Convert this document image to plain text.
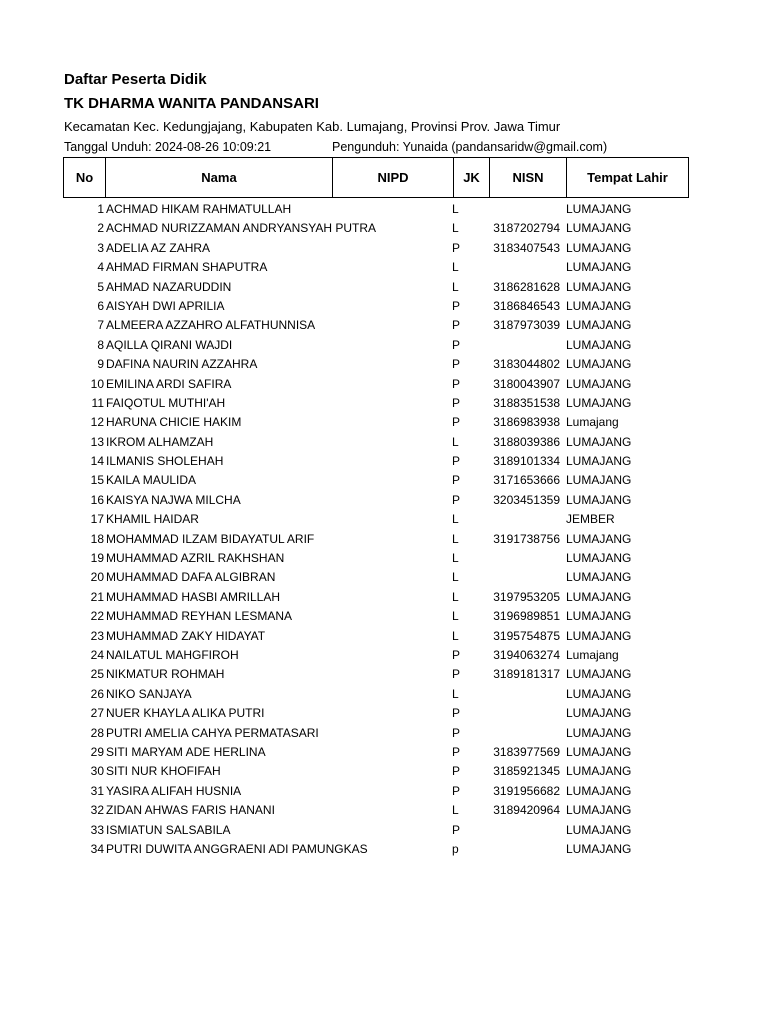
Daftar Peserta Didik
TK DHARMA WANITA PANDANSARI
Kecamatan Kec. Kedungjajang, Kabupaten Kab. Lumajang, Provinsi Prov. Jawa Timur
Tanggal Unduh: 2024-08-26 10:09:21	Pengunduh: Yunaida (pandansaridw@gmail.com)
No	Nama	NIPD	JK	NISN	Tempat Lahir
1 ACHMAD HIKAM RAHMATULLAH	L	LUMAJANG
2 ACHMAD NURIZZAMAN ANDRYANSYAH PUTRA	L	3187202794 LUMAJANG
3 ADELIA AZ ZAHRA	P	3183407543 LUMAJANG
4 AHMAD FIRMAN SHAPUTRA	L	LUMAJANG
5 AHMAD NAZARUDDIN	L	3186281628 LUMAJANG
6 AISYAH DWI APRILIA	P	3186846543 LUMAJANG
7 ALMEERA AZZAHRO ALFATHUNNISA	P	3187973039 LUMAJANG
8 AQILLA QIRANI WAJDI	P	LUMAJANG
9 DAFINA NAURIN AZZAHRA	P	3183044802 LUMAJANG
10 EMILINA ARDI SAFIRA	P	3180043907 LUMAJANG
11 FAIQOTUL MUTHI'AH	P	3188351538 LUMAJANG
12 HARUNA CHICIE HAKIM	P	3186983938 Lumajang
13 IKROM ALHAMZAH	L	3188039386 LUMAJANG
14 ILMANIS SHOLEHAH	P	3189101334 LUMAJANG
15 KAILA MAULIDA	P	3171653666 LUMAJANG
16 KAISYA NAJWA MILCHA	P	3203451359 LUMAJANG
17 KHAMIL HAIDAR	L	JEMBER
18 MOHAMMAD ILZAM BIDAYATUL ARIF	L	3191738756 LUMAJANG
19 MUHAMMAD AZRIL RAKHSHAN	L	LUMAJANG
20 MUHAMMAD DAFA ALGIBRAN	L	LUMAJANG
21 MUHAMMAD HASBI AMRILLAH	L	3197953205 LUMAJANG
22 MUHAMMAD REYHAN LESMANA	L	3196989851 LUMAJANG
23 MUHAMMAD ZAKY HIDAYAT	L	3195754875 LUMAJANG
24 NAILATUL MAHGFIROH	P	3194063274 Lumajang
25 NIKMATUR ROHMAH	P	3189181317 LUMAJANG
26 NIKO SANJAYA	L	LUMAJANG
27 NUER KHAYLA ALIKA PUTRI	P	LUMAJANG
28 PUTRI AMELIA CAHYA PERMATASARI	P	LUMAJANG
29 SITI MARYAM ADE HERLINA	P	3183977569 LUMAJANG
30 SITI NUR KHOFIFAH	P	3185921345 LUMAJANG
31 YASIRA ALIFAH HUSNIA	P	3191956682 LUMAJANG
32 ZIDAN AHWAS FARIS HANANI	L	3189420964 LUMAJANG
33 ISMIATUN SALSABILA	P	LUMAJANG
34 PUTRI DUWITA ANGGRAENI ADI PAMUNGKAS	p	LUMAJANG
